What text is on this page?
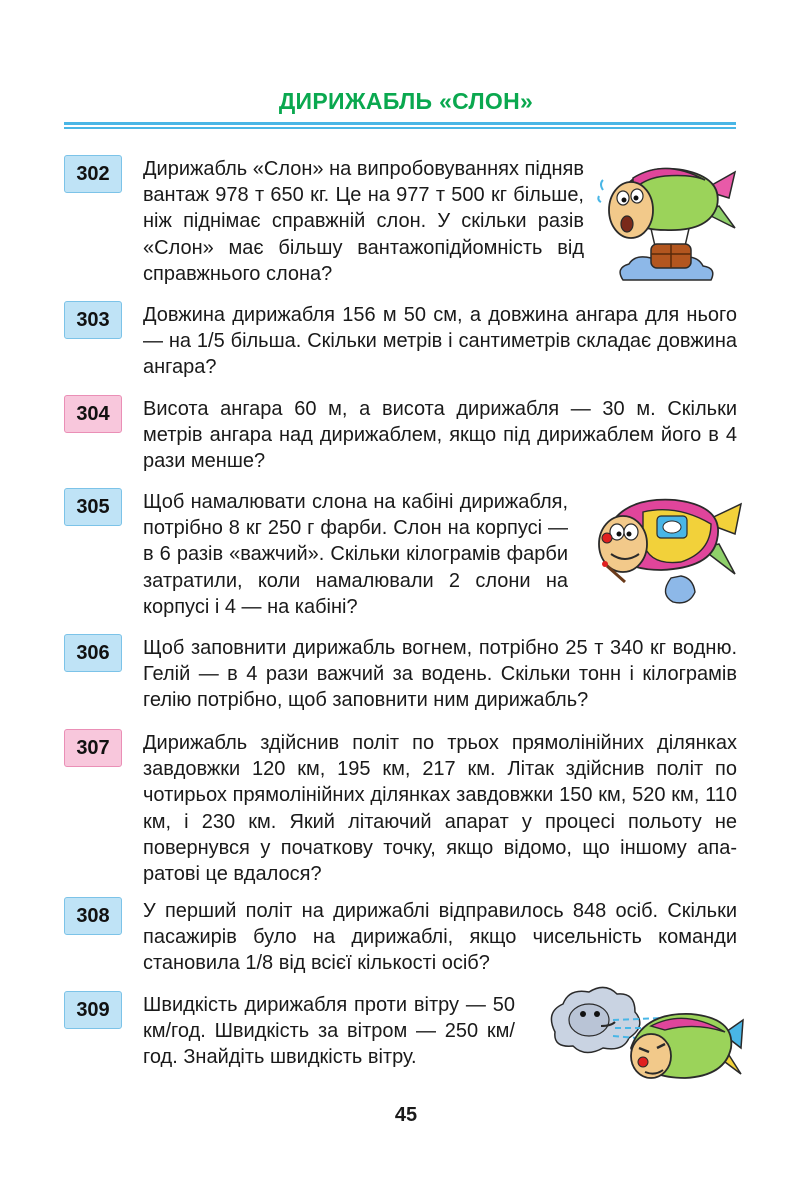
ДИРИЖАБЛЬ «СЛОН»
302	Дирижабль «Слон» на випробовуваннях підняв вантаж 978 т 650 кг. Це на 977 т 500 кг більше, ніж піднімає справжній слон. У скільки разів «Слон» має більшу вантажопідйомність від справжнього слона?

303	Довжина дирижабля 156 м 50 см, а довжина ангара для нього — на 1/5 більша. Скільки метрів і сантиметрів складає довжина ангара?

304	Висота ангара 60 м, а висота дирижабля — 30 м. Скільки метрів ангара над дирижаблем, якщо під дирижаблем його в 4 рази менше?

305	Щоб намалювати слона на кабіні дирижабля, потрібно 8 кг 250 г фарби. Слон на корпусі — в 6 разів «важчий». Скільки кілограмів фарби затратили, коли намалювали 2 слони на корпусі і 4 — на кабіні?

306	Щоб заповнити дирижабль вогнем, потрібно 25 т 340 кг водню. Гелій — в 4 рази важчий за водень. Скільки тонн і кілограмів гелію потрібно, щоб заповнити ним дирижабль?

307	Дирижабль здійснив політ по трьох прямолінійних ділянках завдовжки 120 км, 195 км, 217 км. Літак здійснив політ по чотирьох прямолінійних ділянках завдовжки 150 км, 520 км, 110 км, і 230 км. Який літаючий апарат у процесі польоту не повернувся у початкову точку, якщо відомо, що іншому апаратові це вдалося?

308	У перший політ на дирижаблі відправилось 848 осіб. Скільки пасажирів було на дирижаблі, якщо чисельність команди становила 1/8 від всієї кількості осіб?

309	Швидкість дирижабля проти вітру — 50 км/год. Швидкість за вітром — 250 км/ год. Знайдіть швидкість вітру.

45
